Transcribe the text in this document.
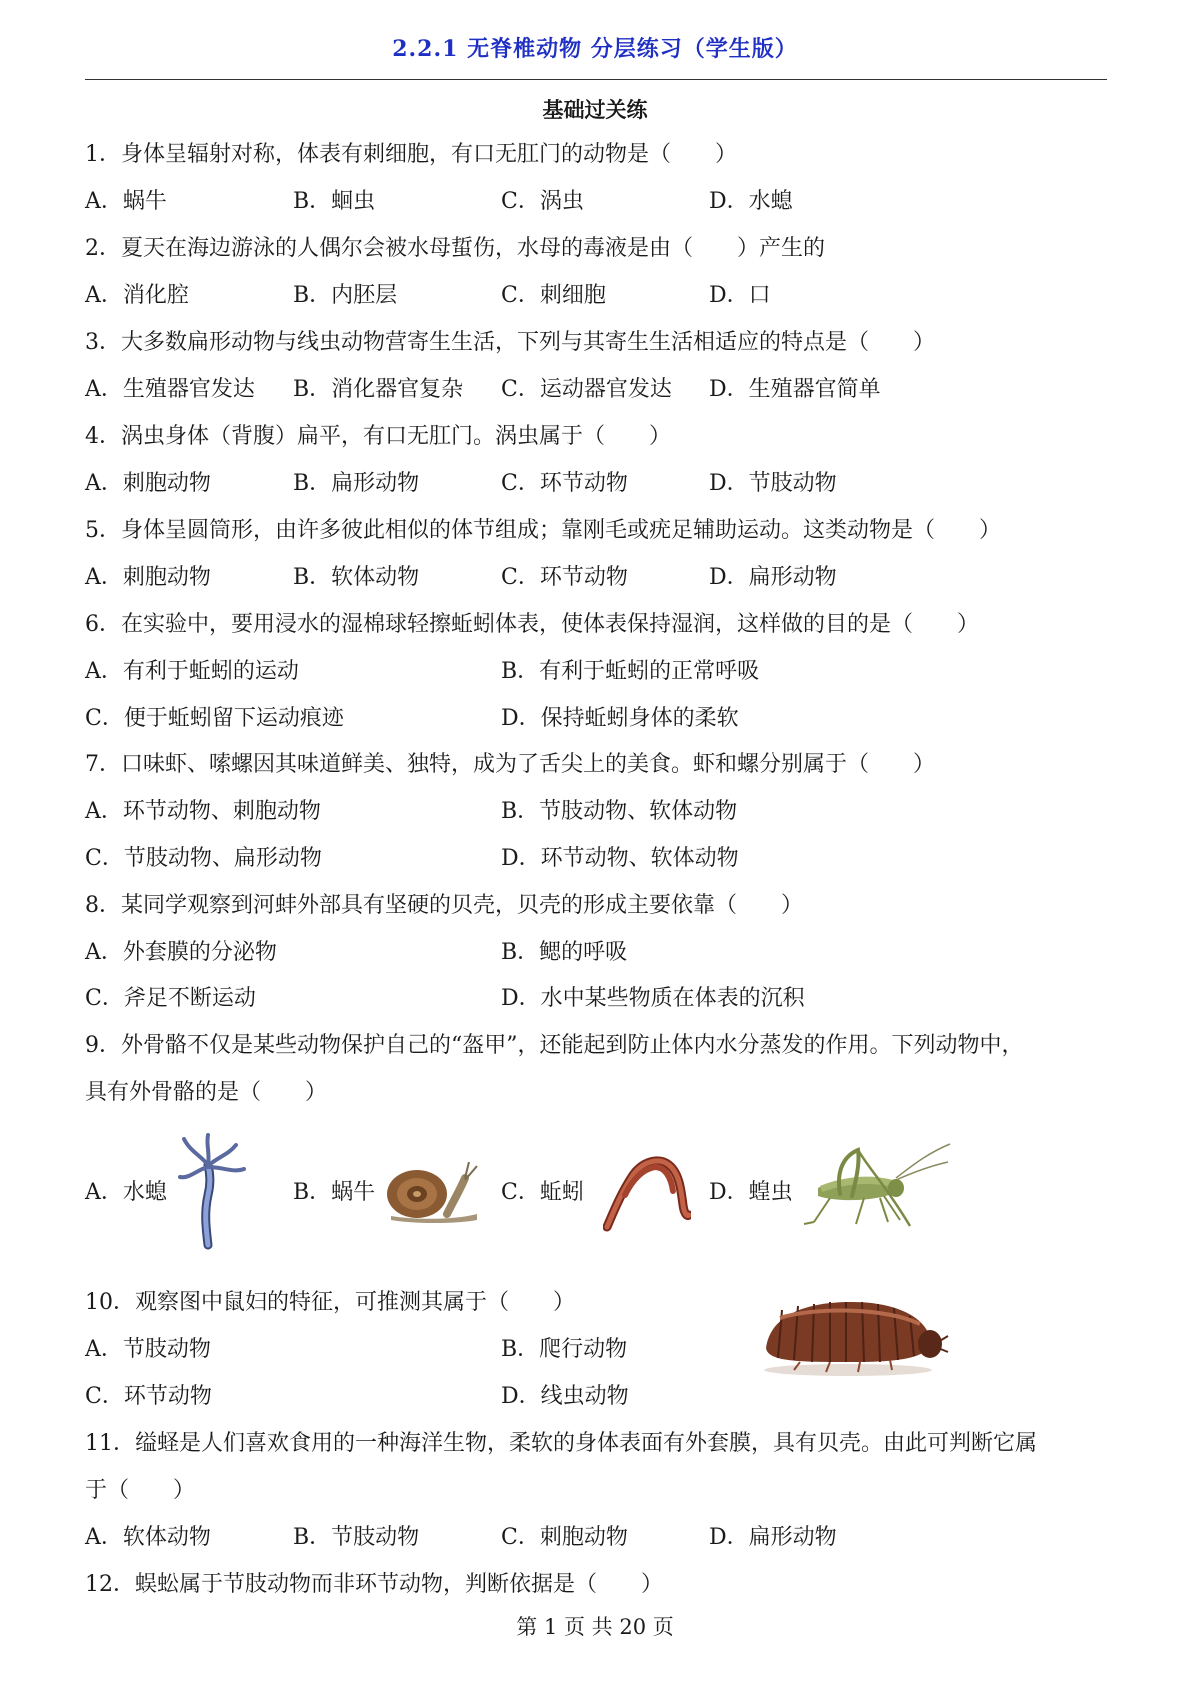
2.2.1 无脊椎动物 分层练习（学生版）
基础过关练
1．身体呈辐射对称，体表有刺细胞，有口无肛门的动物是（　　）
A．蜗牛	B．蛔虫	C．涡虫	D．水螅
2．夏天在海边游泳的人偶尔会被水母蜇伤，水母的毒液是由（　　）产生的
A．消化腔	B．内胚层	C．刺细胞	D．口
3．大多数扁形动物与线虫动物营寄生生活，下列与其寄生生活相适应的特点是（　　）
A．生殖器官发达 B．消化器官复杂 C．运动器官发达 D．生殖器官简单
4．涡虫身体（背腹）扁平，有口无肛门。涡虫属于（　　）
A．刺胞动物	B．扁形动物	C．环节动物	D．节肢动物
5．身体呈圆筒形，由许多彼此相似的体节组成；靠刚毛或疣足辅助运动。这类动物是（　　）
A．刺胞动物	B．软体动物	C．环节动物	D．扁形动物
6．在实验中，要用浸水的湿棉球轻擦蚯蚓体表，使体表保持湿润，这样做的目的是（　　）
A．有利于蚯蚓的运动	B．有利于蚯蚓的正常呼吸
C．便于蚯蚓留下运动痕迹	D．保持蚯蚓身体的柔软
7．口味虾、嗦螺因其味道鲜美、独特，成为了舌尖上的美食。虾和螺分别属于（　　）
A．环节动物、刺胞动物	B．节肢动物、软体动物
C．节肢动物、扁形动物	D．环节动物、软体动物
8．某同学观察到河蚌外部具有坚硬的贝壳，贝壳的形成主要依靠（　　）
A．外套膜的分泌物	B．鳃的呼吸
C．斧足不断运动	D．水中某些物质在体表的沉积
9．外骨骼不仅是某些动物保护自己的“盔甲”，还能起到防止体内水分蒸发的作用。下列动物中，
具有外骨骼的是（　　）
A．水螅	B．蜗牛	C．蚯蚓	D．蝗虫
10．观察图中鼠妇的特征，可推测其属于（　　）
A．节肢动物	B．爬行动物
C．环节动物	D．线虫动物
11．缢蛏是人们喜欢食用的一种海洋生物，柔软的身体表面有外套膜，具有贝壳。由此可判断它属
于（　　）
A．软体动物	B．节肢动物	C．刺胞动物	D．扁形动物
12．蜈蚣属于节肢动物而非环节动物，判断依据是（　　）
第 1 页 共 20 页
